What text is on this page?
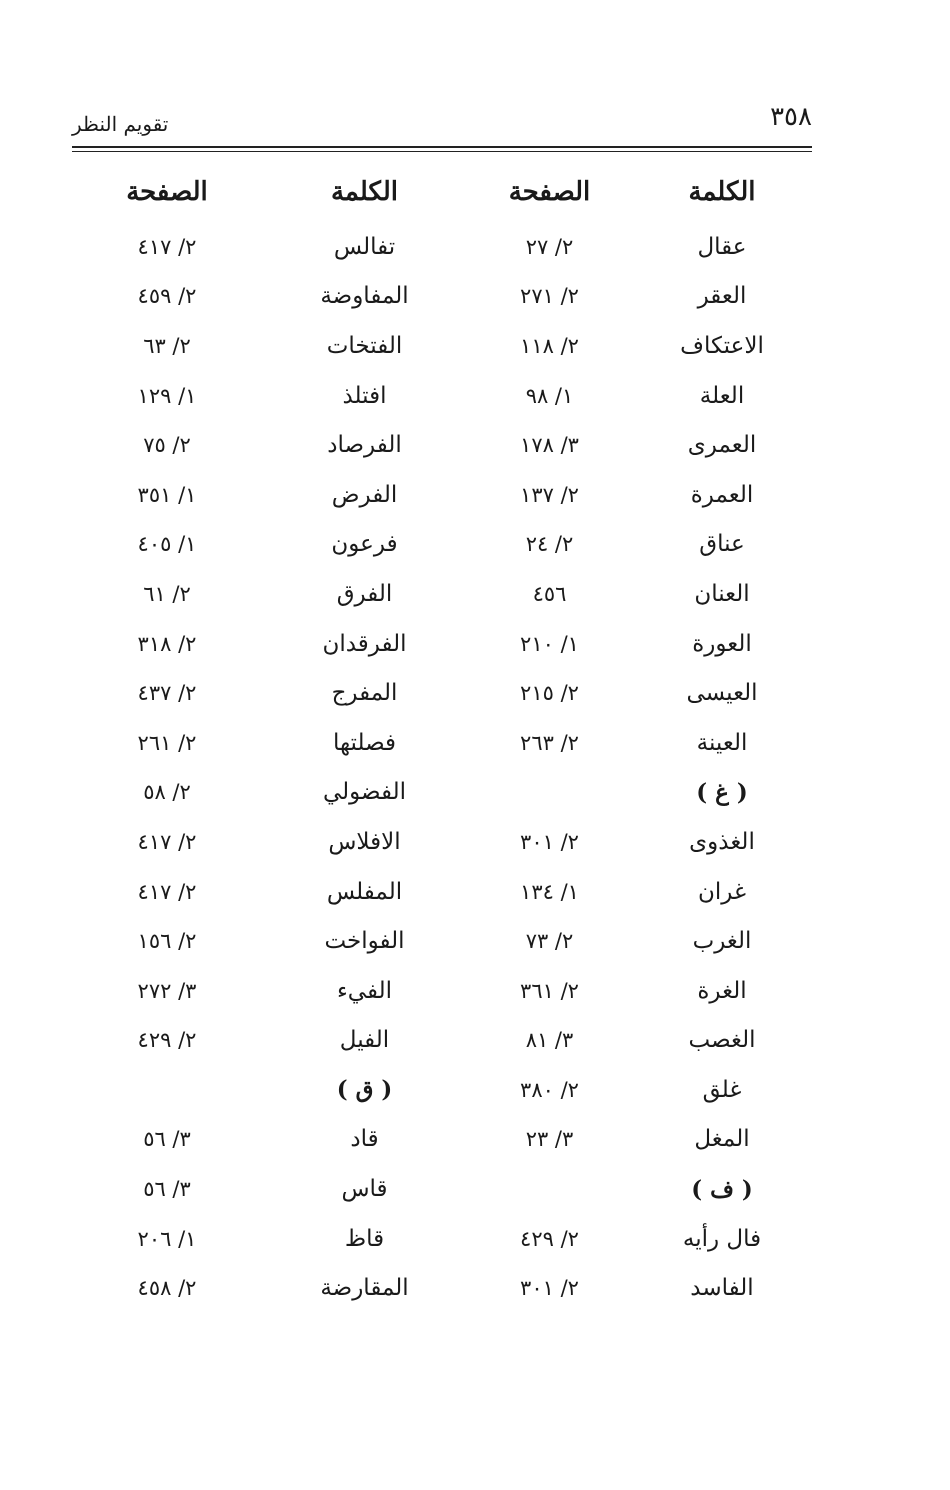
٣٥٨
تقويم النظر
الكلمة
الصفحة
الكلمة
الصفحة
عقال
٢/ ٢٧
تفالس
٢/ ٤١٧
العقر
٢/ ٢٧١
المفاوضة
٢/ ٤٥٩
الاعتكاف
٢/ ١١٨
الفتخات
٢/ ٦٣
العلة
١/ ٩٨
افتلذ
١/ ١٢٩
العمرى
٣/ ١٧٨
الفرصاد
٢/ ٧٥
العمرة
٢/ ١٣٧
الفرض
١/ ٣٥١
عناق
٢/ ٢٤
فرعون
١/ ٤٠٥
العنان
٤٥٦
الفرق
٢/ ٦١
العورة
١/ ٢١٠
الفرقدان
٢/ ٣١٨
العيسى
٢/ ٢١٥
المفرج
٢/ ٤٣٧
العينة
٢/ ٢٦٣
فصلتها
٢/ ٢٦١
( غ )
الفضولي
٢/ ٥٨
الغذوى
٢/ ٣٠١
الافلاس
٢/ ٤١٧
غران
١/ ١٣٤
المفلس
٢/ ٤١٧
الغرب
٢/ ٧٣
الفواخت
٢/ ١٥٦
الغرة
٢/ ٣٦١
الفيء
٣/ ٢٧٢
الغصب
٣/ ٨١
الفيل
٢/ ٤٢٩
غلق
٢/ ٣٨٠
( ق )
المغل
٣/ ٢٣
قاد
٣/ ٥٦
( ف )
قاس
٣/ ٥٦
فال رأيه
٢/ ٤٢٩
قاظ
١/ ٢٠٦
الفاسد
٢/ ٣٠١
المقارضة
٢/ ٤٥٨
